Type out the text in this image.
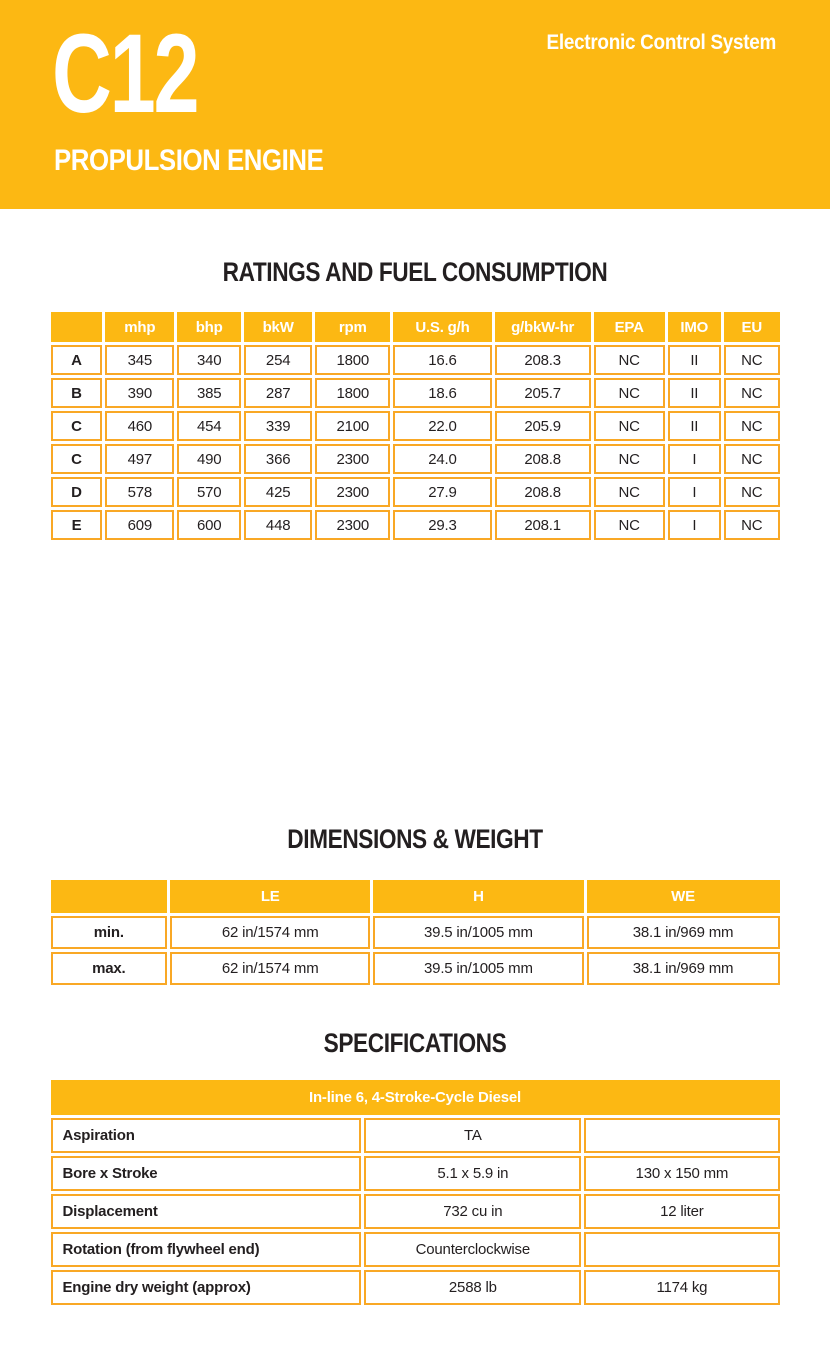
C12	Electronic Control System
PROPULSION ENGINE
RATINGS AND FUEL CONSUMPTION
	mhp	bhp	bkW	rpm	U.S. g/h	g/bkW-hr	EPA	IMO	EU
A	345	340	254	1800	16.6	208.3	NC	II	NC
B	390	385	287	1800	18.6	205.7	NC	II	NC
C	460	454	339	2100	22.0	205.9	NC	II	NC
C	497	490	366	2300	24.0	208.8	NC	I	NC
D	578	570	425	2300	27.9	208.8	NC	I	NC
E	609	600	448	2300	29.3	208.1	NC	I	NC
DIMENSIONS & WEIGHT
	LE	H	WE
min.	62 in/1574 mm	39.5 in/1005 mm	38.1 in/969 mm
max.	62 in/1574 mm	39.5 in/1005 mm	38.1 in/969 mm
SPECIFICATIONS
In-line 6, 4-Stroke-Cycle Diesel		
Aspiration	TA	
Bore x Stroke	5.1 x 5.9 in	130 x 150 mm
Displacement	732 cu in	12 liter
Rotation (from flywheel end)	Counterclockwise	
Engine dry weight (approx)	2588 lb	1174 kg
